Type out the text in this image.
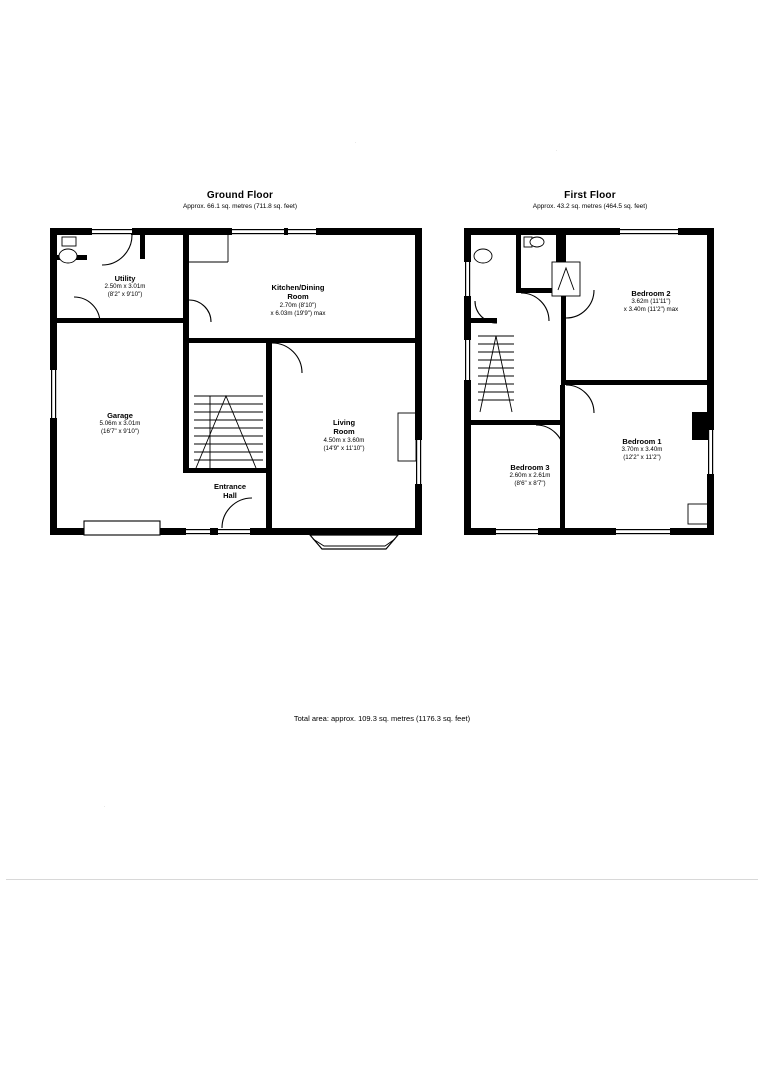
Ground Floor
Approx. 66.1 sq. metres (711.8 sq. feet)
First Floor
Approx. 43.2 sq. metres (464.5 sq. feet)
Utility
2.50m x 3.01m
(8'2" x 9'10")
Kitchen/Dining
Room
2.70m (8'10")
x 6.03m (19'9") max
Garage
5.06m x 3.01m
(16'7" x 9'10")
Living
Room
4.50m x 3.60m
(14'9" x 11'10")
Entrance
Hall
Bedroom 2
3.62m (11'11")
x 3.40m (11'2") max
Bedroom 1
3.70m x 3.40m
(12'2" x 11'2")
Bedroom 3
2.60m x 2.61m
(8'6" x 8'7")
Total area: approx. 109.3 sq. metres (1176.3 sq. feet)
